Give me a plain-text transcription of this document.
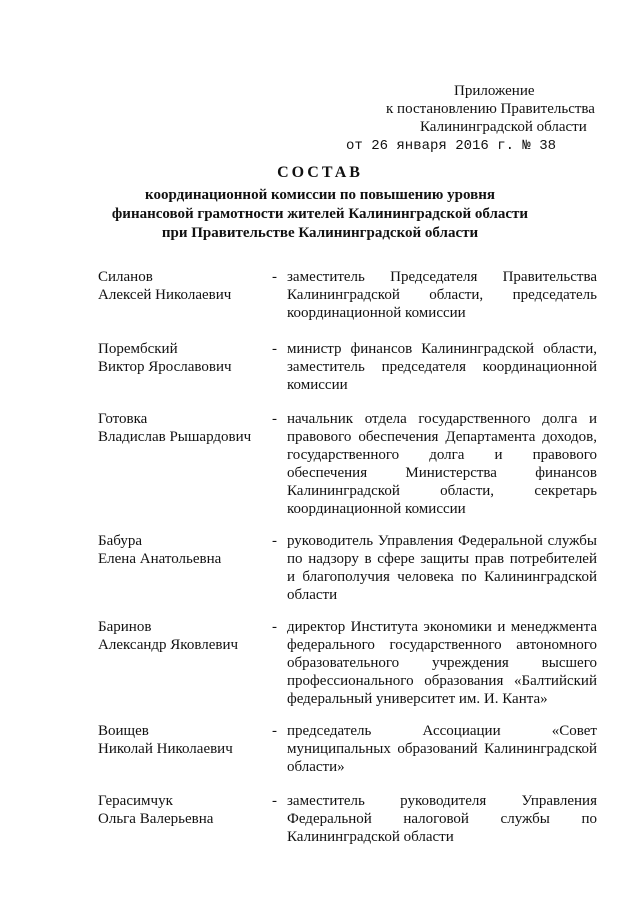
Приложение
к постановлению Правительства
Калининградской области
от 26 января 2016 г. № 38
СОСТАВ
координационной комиссии по повышению уровня
финансовой грамотности жителей Калининградской области
при Правительстве Калининградской области
Силанов
Алексей Николаевич
- заместитель Председателя Правительства Калининградской области, председатель координационной комиссии
Порембский
Виктор Ярославович
- министр финансов Калининградской области, заместитель председателя координационной комиссии
Готовка
Владислав Рышардович
- начальник отдела государственного долга и правового обеспечения Департамента доходов, государственного долга и правового обеспечения Министерства финансов Калининградской области, секретарь координационной комиссии
Бабура
Елена Анатольевна
- руководитель Управления Федеральной службы по надзору в сфере защиты прав потребителей и благополучия человека по Калининградской области
Баринов
Александр Яковлевич
- директор Института экономики и менеджмента федерального государственного автономного образовательного учреждения высшего профессионального образования «Балтийский федеральный университет им. И. Канта»
Воищев
Николай Николаевич
- председатель Ассоциации «Совет муниципальных образований Калининградской области»
Герасимчук
Ольга Валерьевна
- заместитель руководителя Управления Федеральной налоговой службы по Калининградской области
